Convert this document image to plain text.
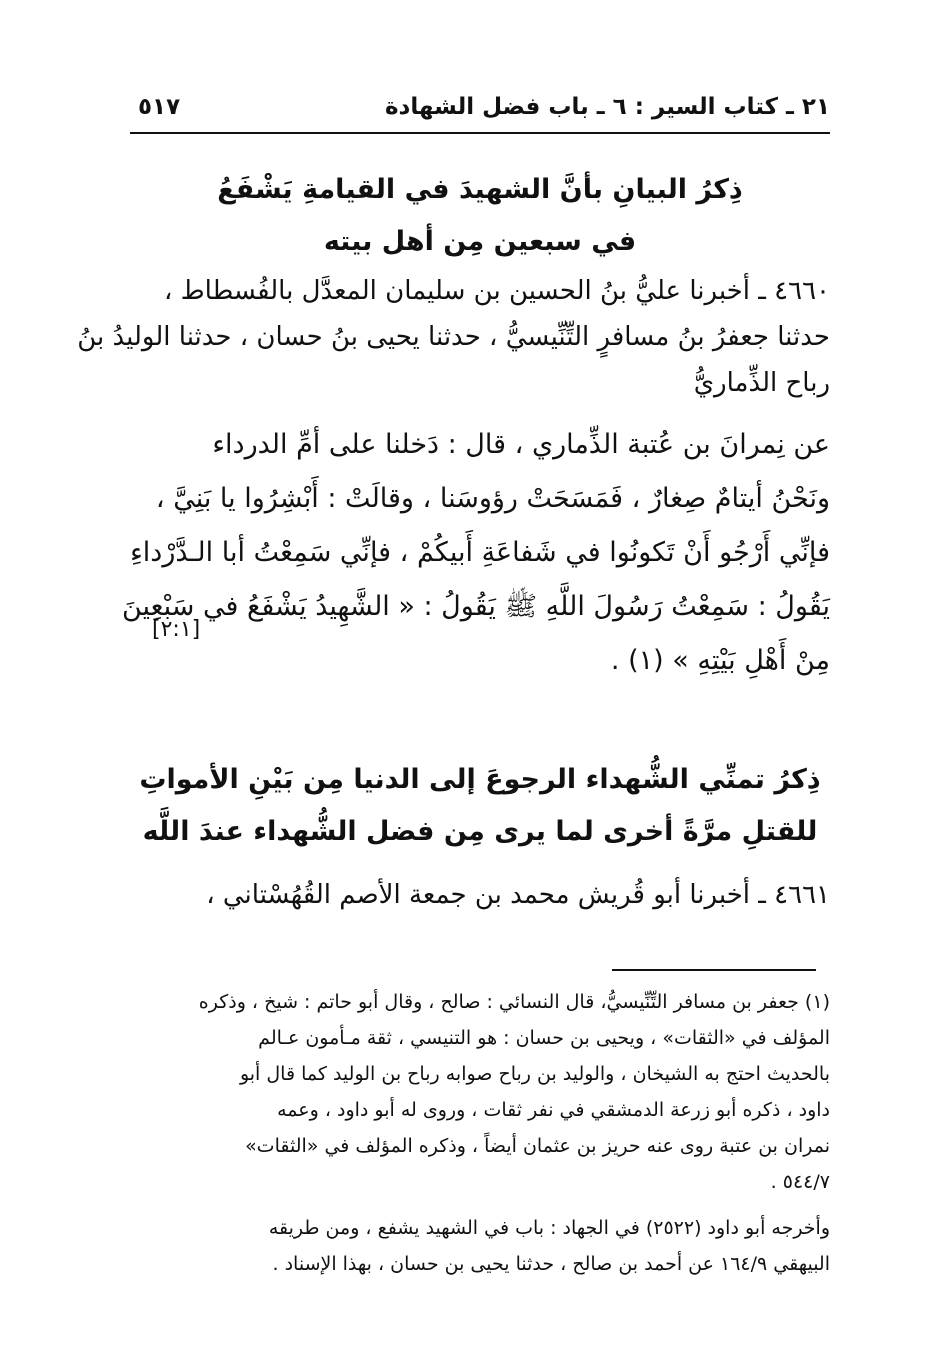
٢١ ـ كتاب السير : ٦ ـ باب فضل الشهادة
٥١٧
ذِكرُ البيانِ بأنَّ الشهيدَ في القيامةِ يَشْفَعُ
في سبعين مِن أهل بيته
٤٦٦٠ ـ أخبرنا عليُّ بنُ الحسين بن سليمان المعدَّل بالفُسطاط ،
حدثنا جعفرُ بنُ مسافرٍ التِّنِّيسيُّ ، حدثنا يحيى بنُ حسان ، حدثنا الوليدُ بنُ
رباح الذِّماريُّ
عن نِمرانَ بن عُتبة الذِّماري ، قال : دَخلنا على أمِّ الدرداء
ونَحْنُ أيتامٌ صِغارٌ ، فَمَسَحَتْ رؤوسَنا ، وقالَتْ : أَبْشِرُوا يا بَنِيَّ ،
فإنِّي أَرْجُو أَنْ تَكونُوا في شَفاعَةِ أَبيكُمْ ، فإنِّي سَمِعْتُ أبا الـدَّرْداءِ
يَقُولُ : سَمِعْتُ رَسُولَ اللَّهِ ﷺ يَقُولُ : « الشَّهِيدُ يَشْفَعُ في سَبْعِينَ
مِنْ أَهْلِ بَيْتِهِ » (١) .
[٢:١]
ذِكرُ تمنِّي الشُّهداء الرجوعَ إلى الدنيا مِن بَيْنِ الأمواتِ
للقتلِ مرَّةً أخرى لما يرى مِن فضل الشُّهداء عندَ اللَّه
٤٦٦١ ـ أخبرنا أبو قُريش محمد بن جمعة الأصم القُهُسْتاني ،
(١) جعفر بن مسافر التِّنِّيسيُّ، قال النسائي : صالح ، وقال أبو حاتم : شيخ ، وذكره
المؤلف في «الثقات» ، ويحيى بن حسان : هو التنيسي ، ثقة مـأمون عـالم
بالحديث احتج به الشيخان ، والوليد بن رباح صوابه رباح بن الوليد كما قال أبو
داود ، ذكره أبو زرعة الدمشقي في نفر ثقات ، وروى له أبو داود ، وعمه
نمران بن عتبة روى عنه حريز بن عثمان أيضاً ، وذكره المؤلف في «الثقات»
٥٤٤/٧ .
وأخرجه أبو داود (٢٥٢٢) في الجهاد : باب في الشهيد يشفع ، ومن طريقه
البيهقي ١٦٤/٩ عن أحمد بن صالح ، حدثنا يحيى بن حسان ، بهذا الإسناد .
